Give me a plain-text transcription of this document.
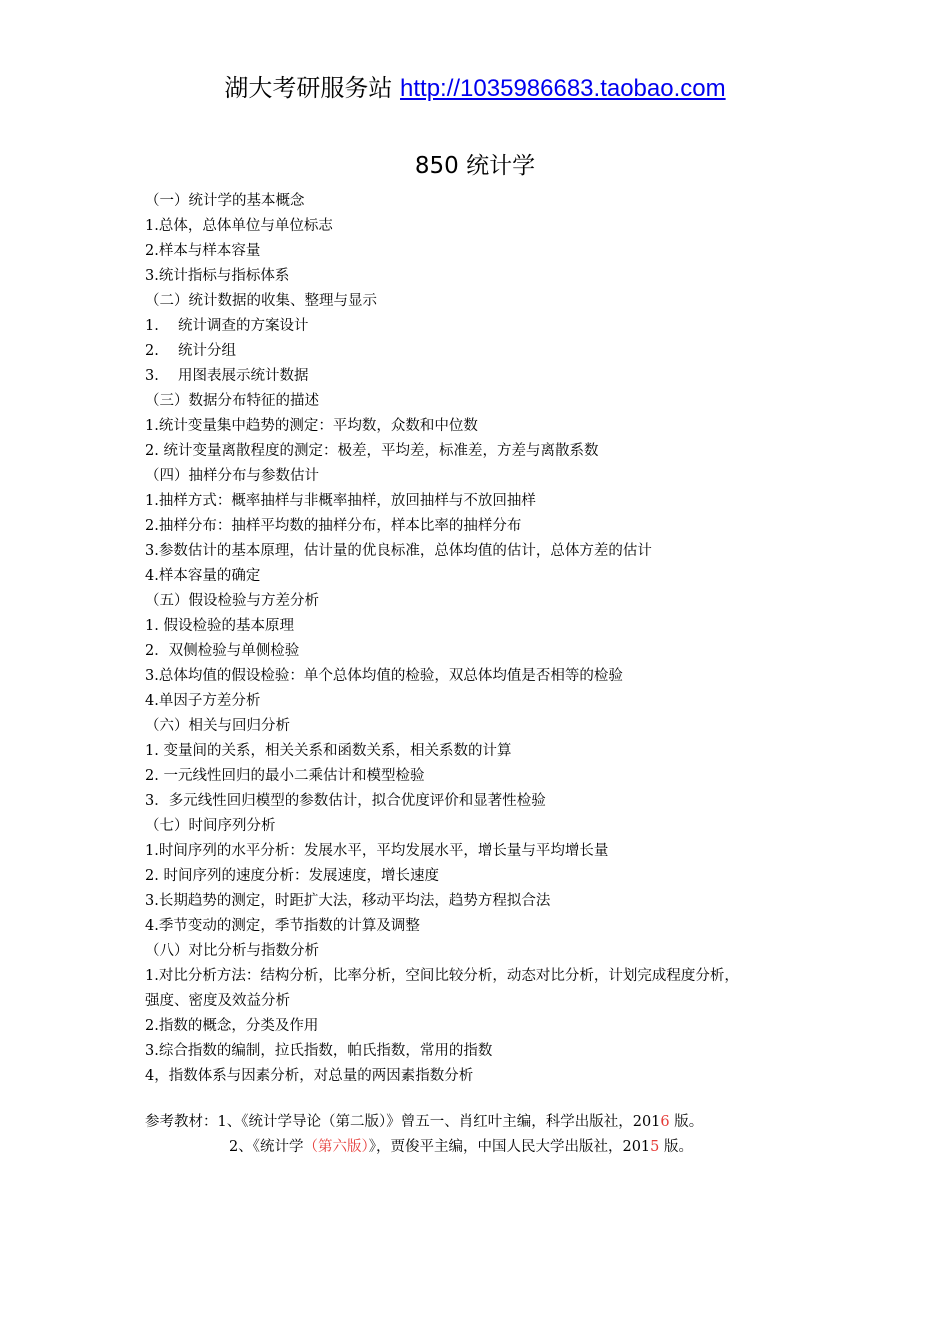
湖大考研服务站 http://1035986683.taobao.com
850 统计学
（一）统计学的基本概念
1.总体，总体单位与单位标志
2.样本与样本容量
3.统计指标与指标体系
（二）统计数据的收集、整理与显示
1.　 统计调查的方案设计
2.　 统计分组
3.　 用图表展示统计数据
（三）数据分布特征的描述
1.统计变量集中趋势的测定：平均数，众数和中位数
2. 统计变量离散程度的测定：极差，平均差，标准差，方差与离散系数
（四）抽样分布与参数估计
1.抽样方式：概率抽样与非概率抽样，放回抽样与不放回抽样
2.抽样分布：抽样平均数的抽样分布，样本比率的抽样分布
3.参数估计的基本原理，估计量的优良标准，总体均值的估计，总体方差的估计
4.样本容量的确定
（五）假设检验与方差分析
1. 假设检验的基本原理
2．双侧检验与单侧检验
3.总体均值的假设检验：单个总体均值的检验，双总体均值是否相等的检验
4.单因子方差分析
（六）相关与回归分析
1. 变量间的关系，相关关系和函数关系，相关系数的计算
2. 一元线性回归的最小二乘估计和模型检验
3．多元线性回归模型的参数估计，拟合优度评价和显著性检验
（七）时间序列分析
1.时间序列的水平分析：发展水平，平均发展水平，增长量与平均增长量
2. 时间序列的速度分析：发展速度，增长速度
3.长期趋势的测定，时距扩大法，移动平均法，趋势方程拟合法
4.季节变动的测定，季节指数的计算及调整
（八）对比分析与指数分析
1.对比分析方法：结构分析，比率分析，空间比较分析，动态对比分析，计划完成程度分析，
强度、密度及效益分析
2.指数的概念，分类及作用
3.综合指数的编制，拉氏指数，帕氏指数，常用的指数
4，指数体系与因素分析，对总量的两因素指数分析
参考教材：1、《统计学导论（第二版）》曾五一、肖红叶主编，科学出版社，2016 版。
2、《统计学（第六版）》，贾俊平主编，中国人民大学出版社，2015 版。
